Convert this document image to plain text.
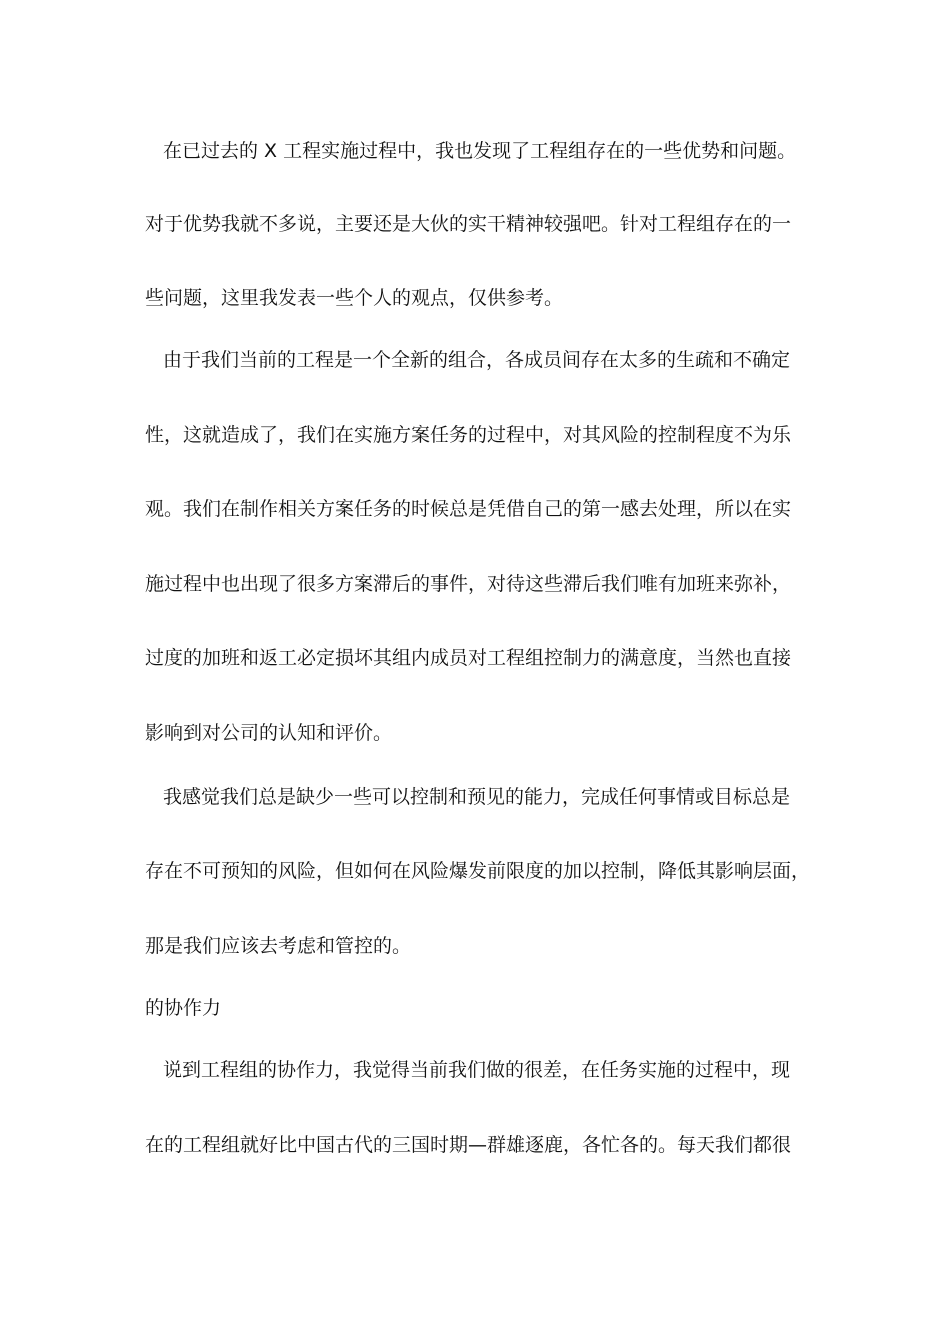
在已过去的 X 工程实施过程中，我也发现了工程组存在的一些优势和问题。
对于优势我就不多说，主要还是大伙的实干精神较强吧。针对工程组存在的一
些问题，这里我发表一些个人的观点，仅供参考。
由于我们当前的工程是一个全新的组合，各成员间存在太多的生疏和不确定
性，这就造成了，我们在实施方案任务的过程中，对其风险的控制程度不为乐
观。我们在制作相关方案任务的时候总是凭借自己的第一感去处理，所以在实
施过程中也出现了很多方案滞后的事件，对待这些滞后我们唯有加班来弥补，
过度的加班和返工必定损坏其组内成员对工程组控制力的满意度，当然也直接
影响到对公司的认知和评价。
我感觉我们总是缺少一些可以控制和预见的能力，完成任何事情或目标总是
存在不可预知的风险，但如何在风险爆发前限度的加以控制，降低其影响层面，
那是我们应该去考虑和管控的。
的协作力
说到工程组的协作力，我觉得当前我们做的很差，在任务实施的过程中，现
在的工程组就好比中国古代的三国时期—群雄逐鹿，各忙各的。每天我们都很
